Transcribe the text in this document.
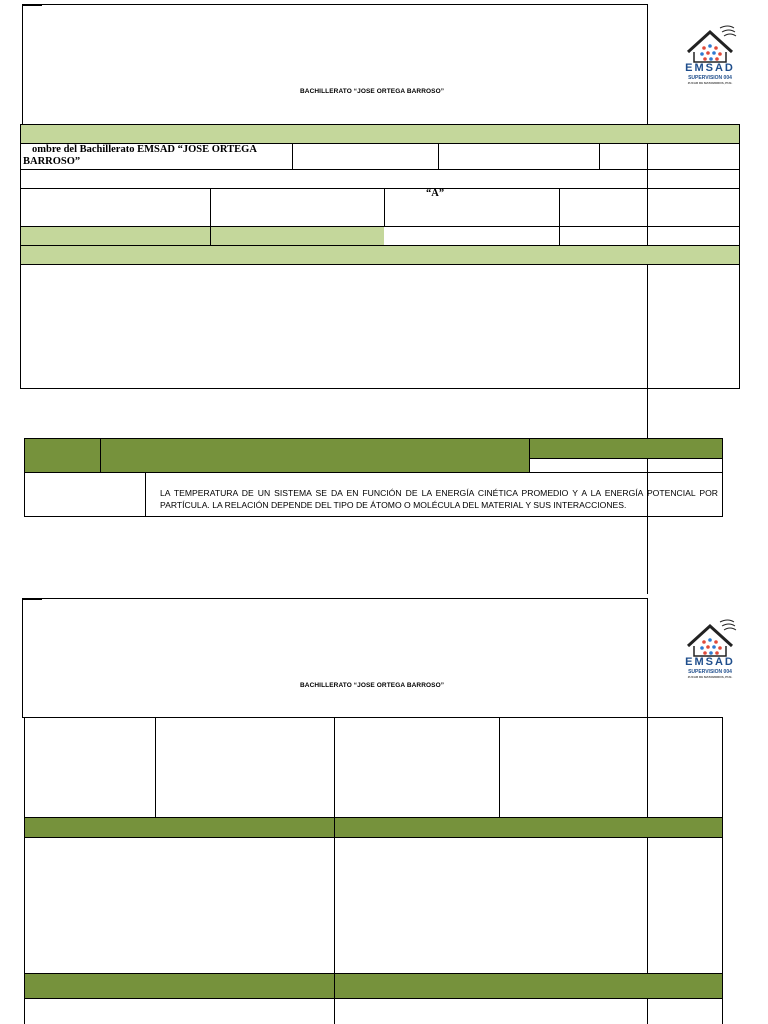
BACHILLERATO “JOSE ORTEGA BARROSO”
EMSAD
SUPERVISION 004
ZUCAR DE MATAMOROS, PUE.
ombre del Bachillerato EMSAD “JOSE ORTEGA
BARROSO”
“A”
LA TEMPERATURA DE UN SISTEMA SE DA EN FUNCIÓN DE LA ENERGÍA CINÉTICA PROMEDIO Y A LA ENERGÍA POTENCIAL POR PARTÍCULA. LA RELACIÓN DEPENDE DEL TIPO DE ÁTOMO O MOLÉCULA DEL MATERIAL Y SUS INTERACCIONES.
BACHILLERATO “JOSE ORTEGA BARROSO”
EMSAD
SUPERVISION 004
ZUCAR DE MATAMOROS, PUE.
